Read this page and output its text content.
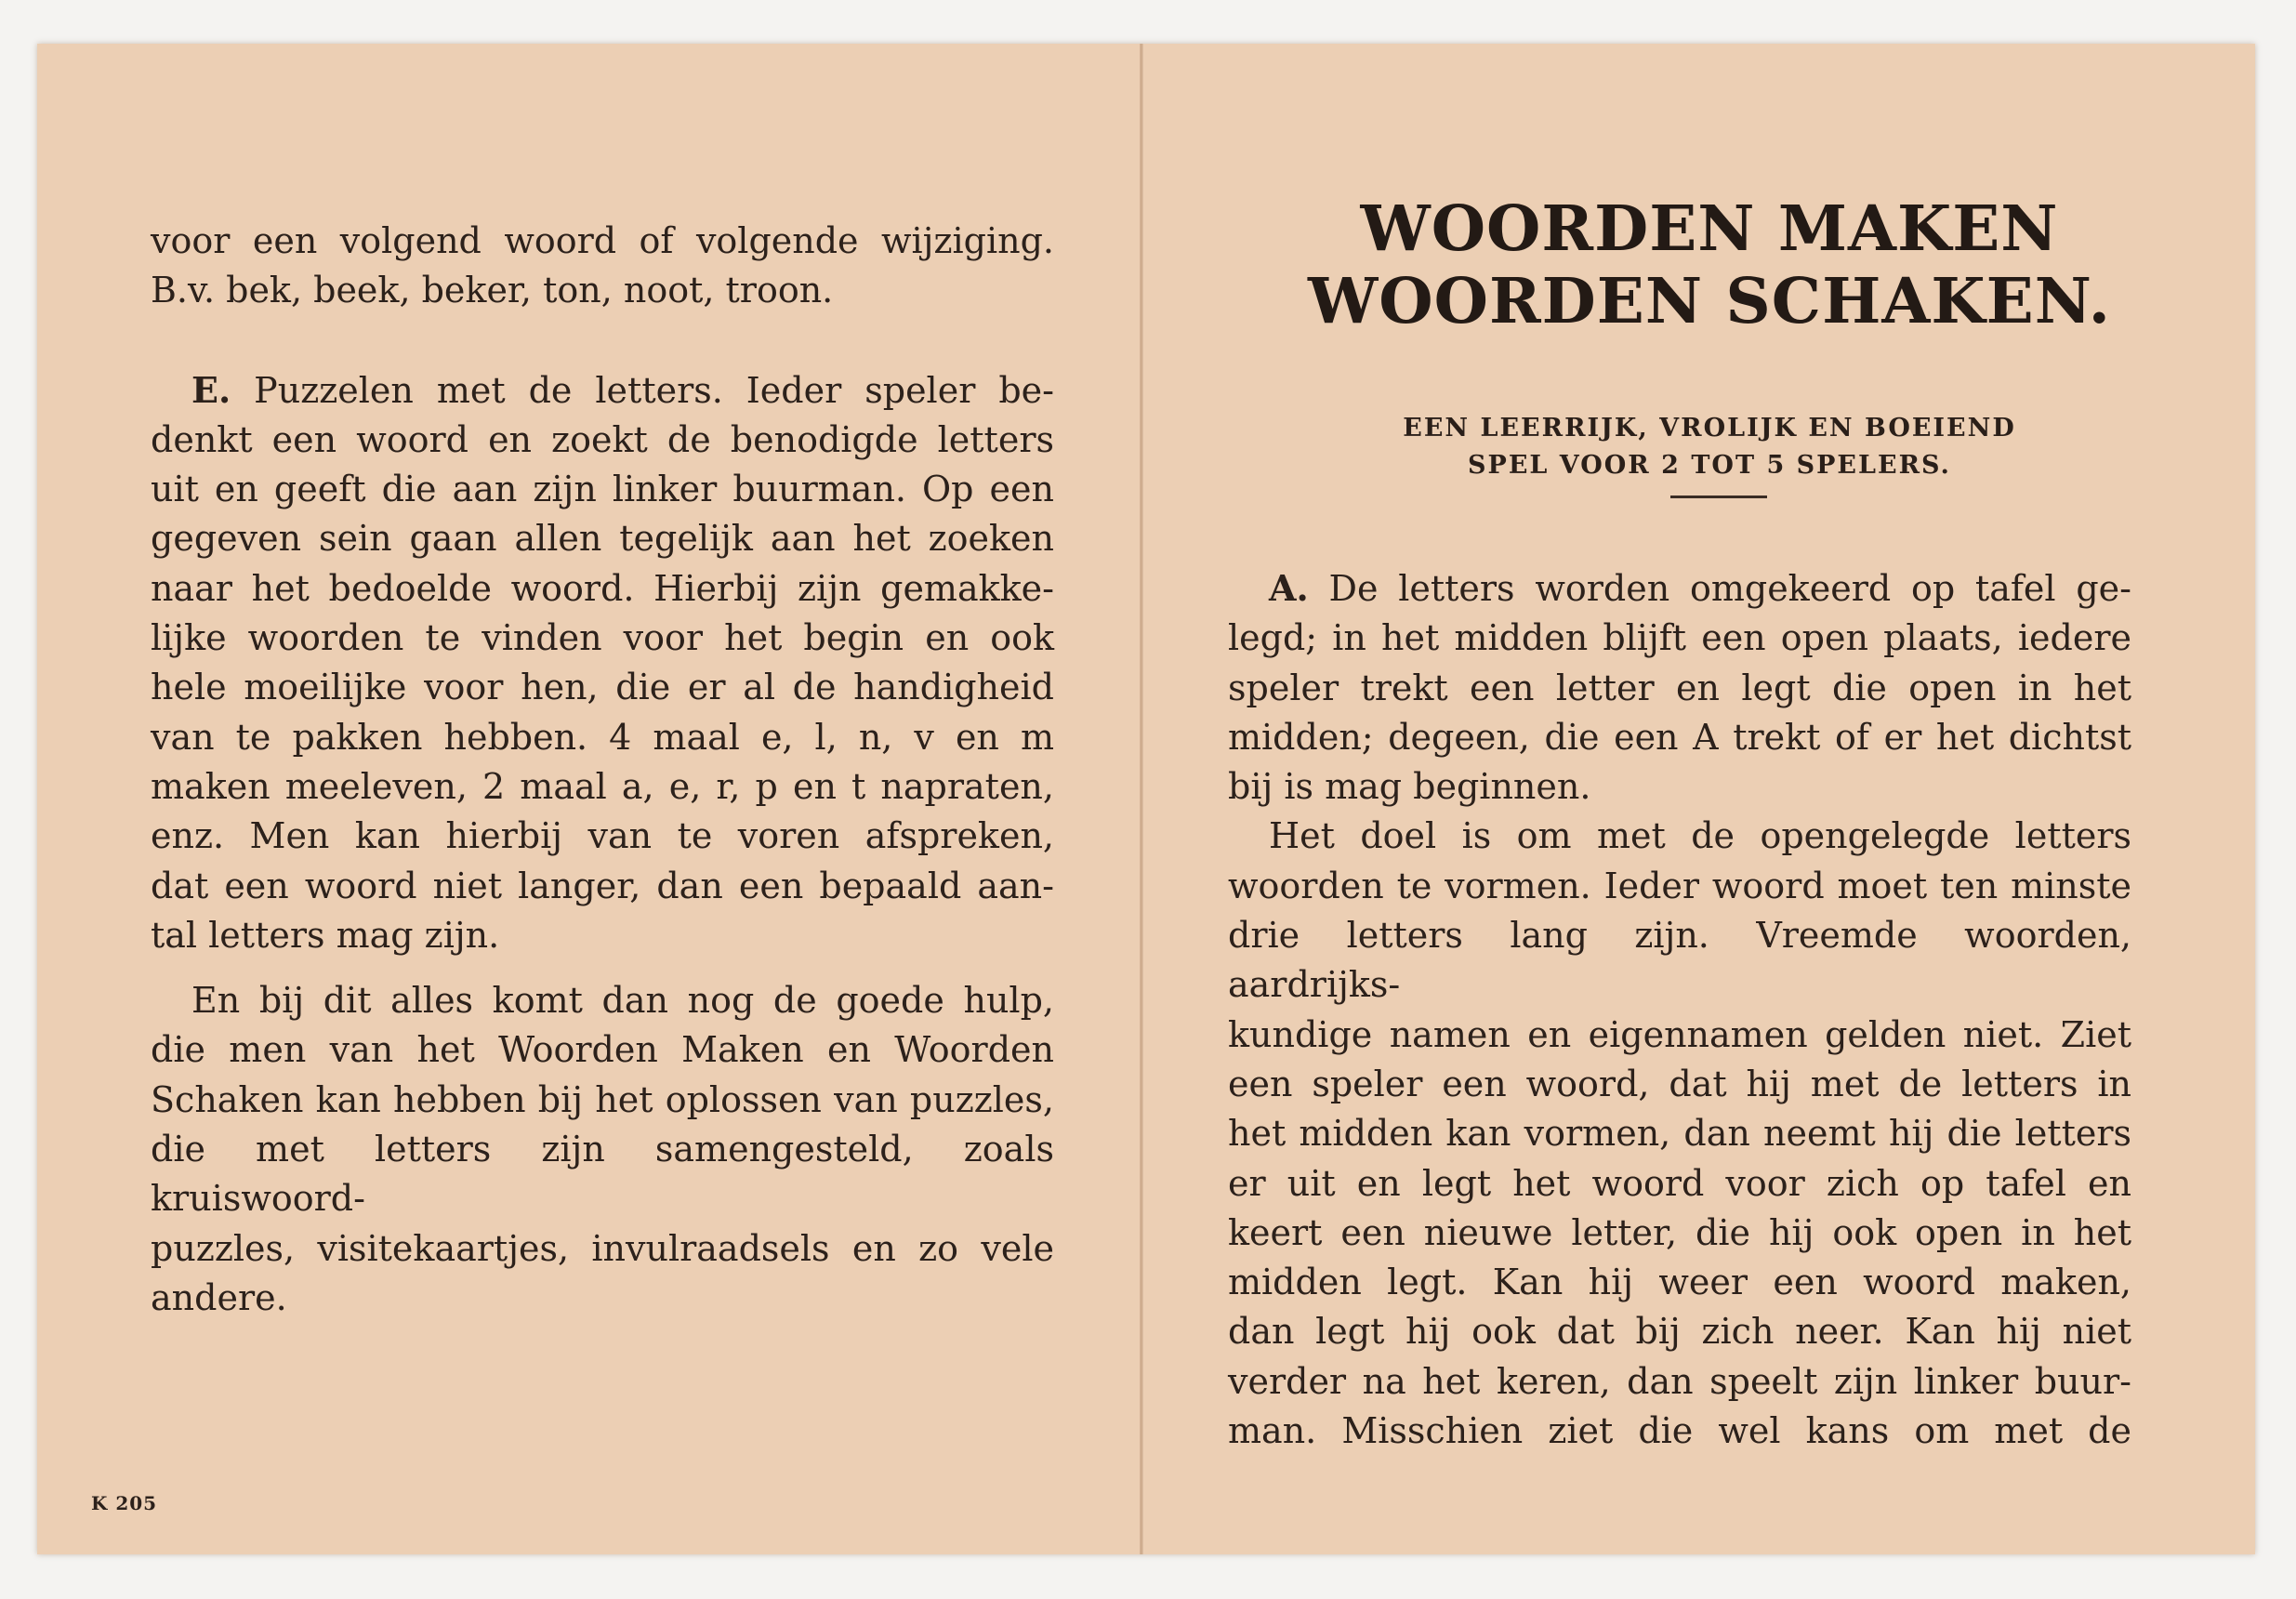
voor een volgend woord of volgende wijziging.
B.v. bek, beek, beker, ton, noot, troon.

E. Puzzelen met de letters. Ieder speler be-
denkt een woord en zoekt de benodigde letters
uit en geeft die aan zijn linker buurman. Op een
gegeven sein gaan allen tegelijk aan het zoeken
naar het bedoelde woord. Hierbij zijn gemakke-
lijke woorden te vinden voor het begin en ook
hele moeilijke voor hen, die er al de handigheid
van te pakken hebben. 4 maal e, l, n, v en m
maken meeleven, 2 maal a, e, r, p en t napraten,
enz. Men kan hierbij van te voren afspreken,
dat een woord niet langer, dan een bepaald aan-
tal letters mag zijn.

En bij dit alles komt dan nog de goede hulp,
die men van het Woorden Maken en Woorden
Schaken kan hebben bij het oplossen van puzzles,
die met letters zijn samengesteld, zoals kruiswoord-
puzzles, visitekaartjes, invulraadsels en zo vele
andere.

K 205
WOORDEN MAKEN
WOORDEN SCHAKEN.
EEN LEERRIJK, VROLIJK EN BOEIEND
SPEL VOOR 2 TOT 5 SPELERS.

A. De letters worden omgekeerd op tafel ge-
legd; in het midden blijft een open plaats, iedere
speler trekt een letter en legt die open in het
midden; degeen, die een A trekt of er het dichtst
bij is mag beginnen.

Het doel is om met de opengelegde letters
woorden te vormen. Ieder woord moet ten minste
drie letters lang zijn. Vreemde woorden, aardrijks-
kundige namen en eigennamen gelden niet. Ziet
een speler een woord, dat hij met de letters in
het midden kan vormen, dan neemt hij die letters
er uit en legt het woord voor zich op tafel en
keert een nieuwe letter, die hij ook open in het
midden legt. Kan hij weer een woord maken,
dan legt hij ook dat bij zich neer. Kan hij niet
verder na het keren, dan speelt zijn linker buur-
man. Misschien ziet die wel kans om met de
